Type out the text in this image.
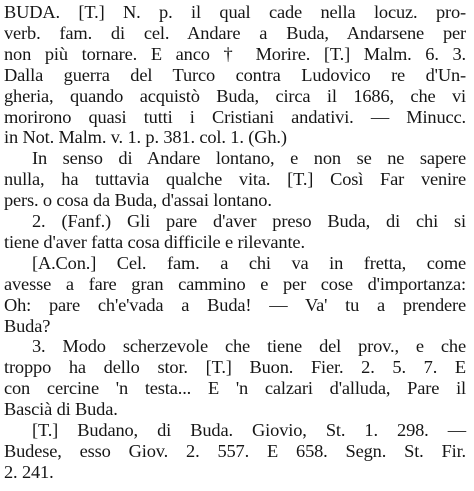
BUDA. [T.] N. p. il qual cade nella locuz. pro-

verb. fam. di cel. Andare a Buda, Andarsene per

non più tornare. E anco † Morire. [T.] Malm. 6. 3.

Dalla guerra del Turco contra Ludovico re d'Un-

gheria, quando acquistò Buda, circa il 1686, che vi

morirono quasi tutti i Cristiani andativi. — Minucc.

in Not. Malm. v. 1. p. 381. col. 1. (Gh.)

In senso di Andare lontano, e non se ne sapere

nulla, ha tuttavia qualche vita. [T.] Così Far venire

pers. o cosa da Buda, d'assai lontano.

2. (Fanf.) Gli pare d'aver preso Buda, di chi si

tiene d'aver fatta cosa difficile e rilevante.

[A.Con.] Cel. fam. a chi va in fretta, come

avesse a fare gran cammino e per cose d'importanza:

Oh: pare ch'e'vada a Buda! — Va' tu a prendere

Buda?

3. Modo scherzevole che tiene del prov., e che

troppo ha dello stor. [T.] Buon. Fier. 2. 5. 7. E

con cercine 'n testa... E 'n calzari d'alluda, Pare il

Bascià di Buda.

[T.] Budano, di Buda. Giovio, St. 1. 298. —

Budese, esso Giov. 2. 557. E 658. Segn. St. Fir.

2. 241.
